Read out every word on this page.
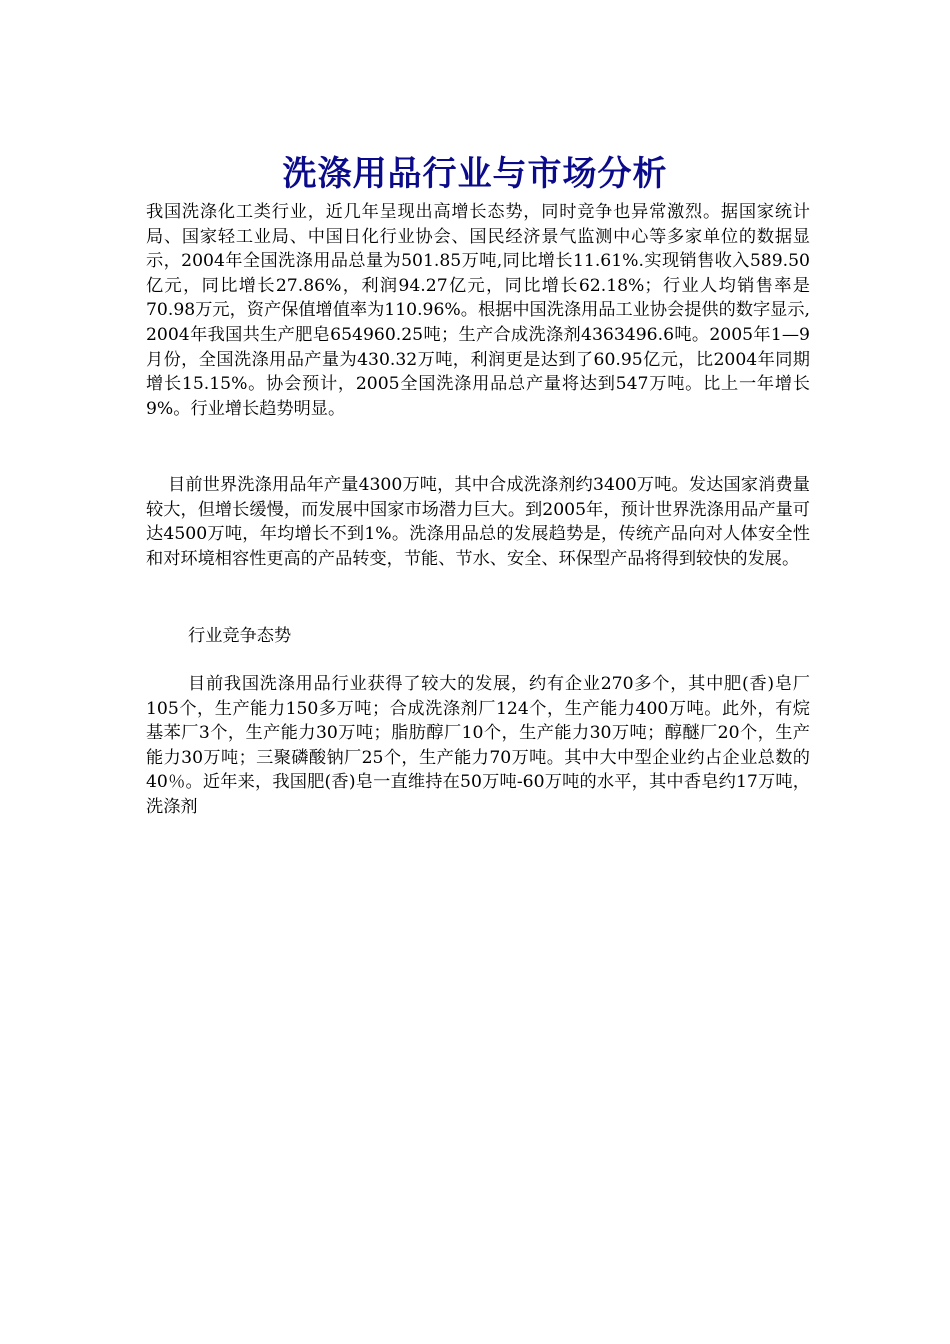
洗涤用品行业与市场分析
我国洗涤化工类行业，近几年呈现出高增长态势，同时竞争也异常激烈。据国家统计局、国家轻工业局、中国日化行业协会、国民经济景气监测中心等多家单位的数据显示，2004年全国洗涤用品总量为501.85万吨,同比增长11.61%.实现销售收入589.50亿元，同比增长27.86%，利润94.27亿元，同比增长62.18%；行业人均销售率是70.98万元，资产保值增值率为110.96%。根据中国洗涤用品工业协会提供的数字显示, 2004年我国共生产肥皂654960.25吨；生产合成洗涤剂4363496.6吨。2005年1—9月份，全国洗涤用品产量为430.32万吨，利润更是达到了60.95亿元，比2004年同期增长15.15%。协会预计，2005全国洗涤用品总产量将达到547万吨。比上一年增长9%。行业增长趋势明显。
目前世界洗涤用品年产量4300万吨，其中合成洗涤剂约3400万吨。发达国家消费量较大，但增长缓慢，而发展中国家市场潜力巨大。到2005年，预计世界洗涤用品产量可达4500万吨，年均增长不到1%。洗涤用品总的发展趋势是，传统产品向对人体安全性和对环境相容性更高的产品转变，节能、节水、安全、环保型产品将得到较快的发展。
行业竞争态势
目前我国洗涤用品行业获得了较大的发展，约有企业270多个，其中肥(香)皂厂105个，生产能力150多万吨；合成洗涤剂厂124个，生产能力400万吨。此外，有烷基苯厂3个，生产能力30万吨；脂肪醇厂10个，生产能力30万吨；醇醚厂20个，生产能力30万吨；三聚磷酸钠厂25个，生产能力70万吨。其中大中型企业约占企业总数的40％。近年来，我国肥(香)皂一直维持在50万吨-60万吨的水平，其中香皂约17万吨，洗涤剂
